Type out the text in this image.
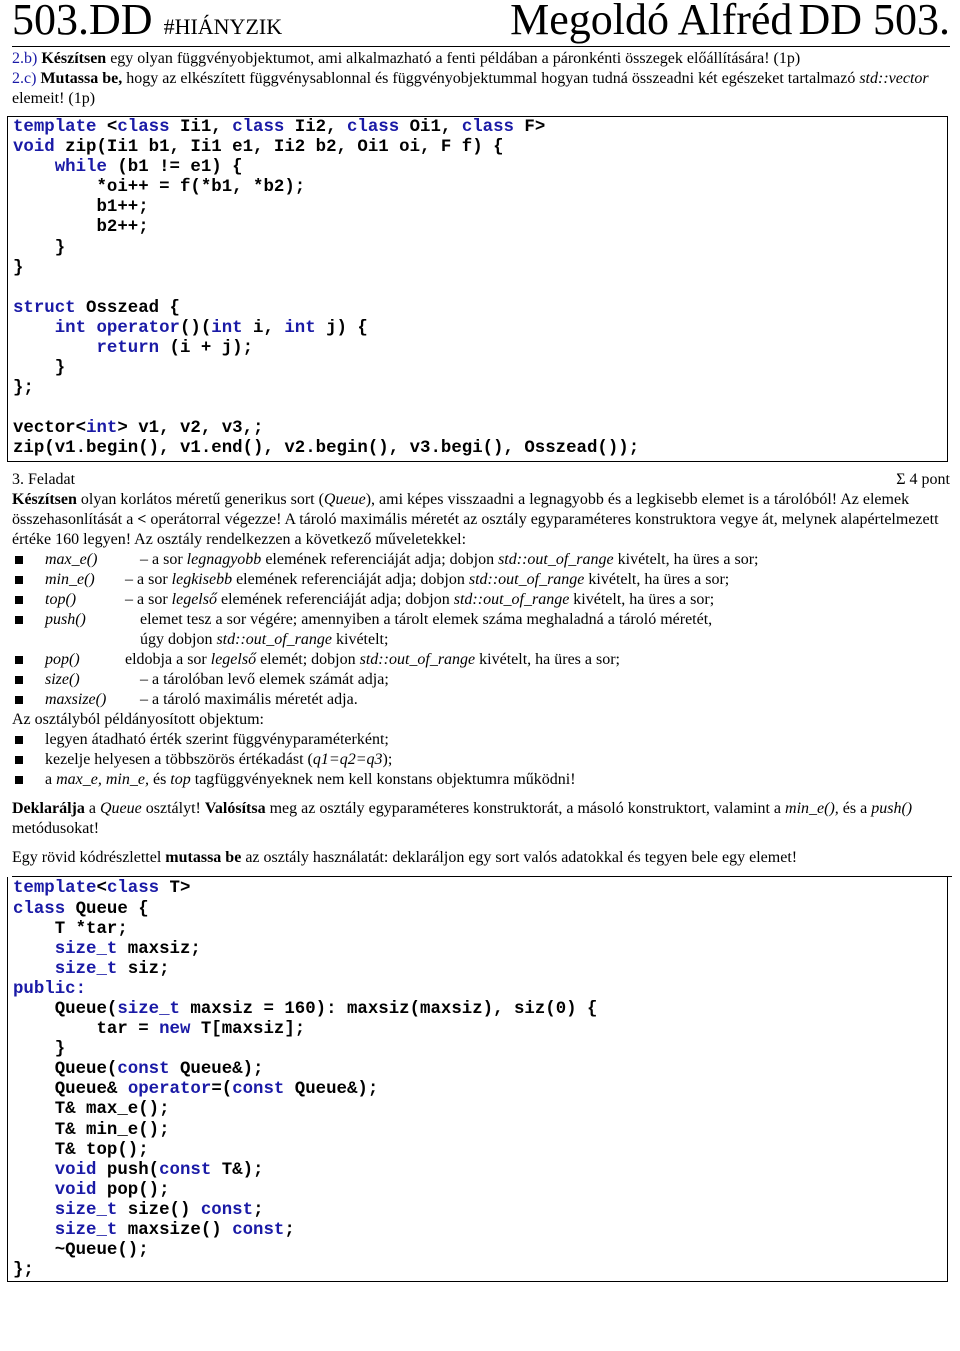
503.DD #HIÁNYZIK	Megoldó Alfréd DD 503.

2.b) Készítsen egy olyan függvényobjektumot, ami alkalmazható a fenti példában a páronkénti összegek előállítására! (1p)

2.c) Mutassa be, hogy az elkészített függvénysablonnal és függvényobjektummal hogyan tudná összeadni két egészeket tartalmazó std::vector elemeit! (1p)

template <class Ii1, class Ii2, class Oi1, class F>
void zip(Ii1 b1, Ii1 e1, Ii2 b2, Oi1 oi, F f) {
while (b1 != e1) {
*oi++ = f(*b1, *b2);
b1++;
b2++;
}
}
struct Osszead {
int operator()(int i, int j) {
return (i + j);
}
};
vector<int> v1, v2, v3,;
zip(v1.begin(), v1.end(), v2.begin(), v3.begi(), Osszead());
3. Feladat	Σ 4 pont

Készítsen olyan korlátos méretű generikus sort (Queue), ami képes visszaadni a legnagyobb és a legkisebb elemet is a tárolóból! Az elemek összehasonlítását a < operátorral végezze! A tároló maximális méretét az osztály egyparaméteres konstruktora vegye át, melynek alapértelmezett értéke 160 legyen! Az osztály rendelkezzen a következő műveletekkel:

max_e()	– a sor legnagyobb elemének referenciáját adja; dobjon std::out_of_range kivételt, ha üres a sor;
min_e() – a sor legkisebb elemének referenciáját adja; dobjon std::out_of_range kivételt, ha üres a sor;
top()	– a sor legelső elemének referenciáját adja; dobjon std::out_of_range kivételt, ha üres a sor;
push()	elemet tesz a sor végére; amennyiben a tárolt elemek száma meghaladná a tároló méretét,
úgy dobjon std::out_of_range kivételt;
pop()	eldobja a sor legelső elemét; dobjon std::out_of_range kivételt, ha üres a sor;
size()	– a tárolóban levő elemek számát adja;
maxsize() – a tároló maximális méretét adja.

Az osztályból példányosított objektum:

legyen átadható érték szerint függvényparaméterként;
kezelje helyesen a többszörös értékadást (q1=q2=q3);
a max_e, min_e, és top tagfüggvényeknek nem kell konstans objektumra működni!

Deklarálja a Queue osztályt! Valósítsa meg az osztály egyparaméteres konstruktorát, a másoló konstruktort, valamint a min_e(), és a push() metódusokat!

Egy rövid kódrészlettel mutassa be az osztály használatát: deklaráljon egy sort valós adatokkal és tegyen bele egy elemet!

template<class T>
class Queue {
T *tar;
size_t maxsiz;
size_t siz;
public:
Queue(size_t maxsiz = 160): maxsiz(maxsiz), siz(0) {
tar = new T[maxsiz];
}
Queue(const Queue&);
Queue& operator=(const Queue&);
T& max_e();
T& min_e();
T& top();
void push(const T&);
void pop();
size_t size() const;
size_t maxsize() const;
~Queue();
};
